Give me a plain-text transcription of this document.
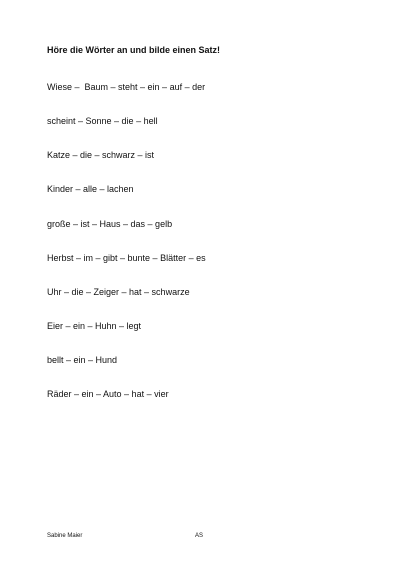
Höre die Wörter an und bilde einen Satz!
Wiese –  Baum – steht – ein – auf – der
scheint – Sonne – die – hell
Katze – die – schwarz – ist
Kinder – alle – lachen
große – ist – Haus – das – gelb
Herbst – im – gibt – bunte – Blätter – es
Uhr – die – Zeiger – hat – schwarze
Eier – ein – Huhn – legt
bellt – ein – Hund
Räder – ein – Auto – hat – vier
Sabine Maier	AS
